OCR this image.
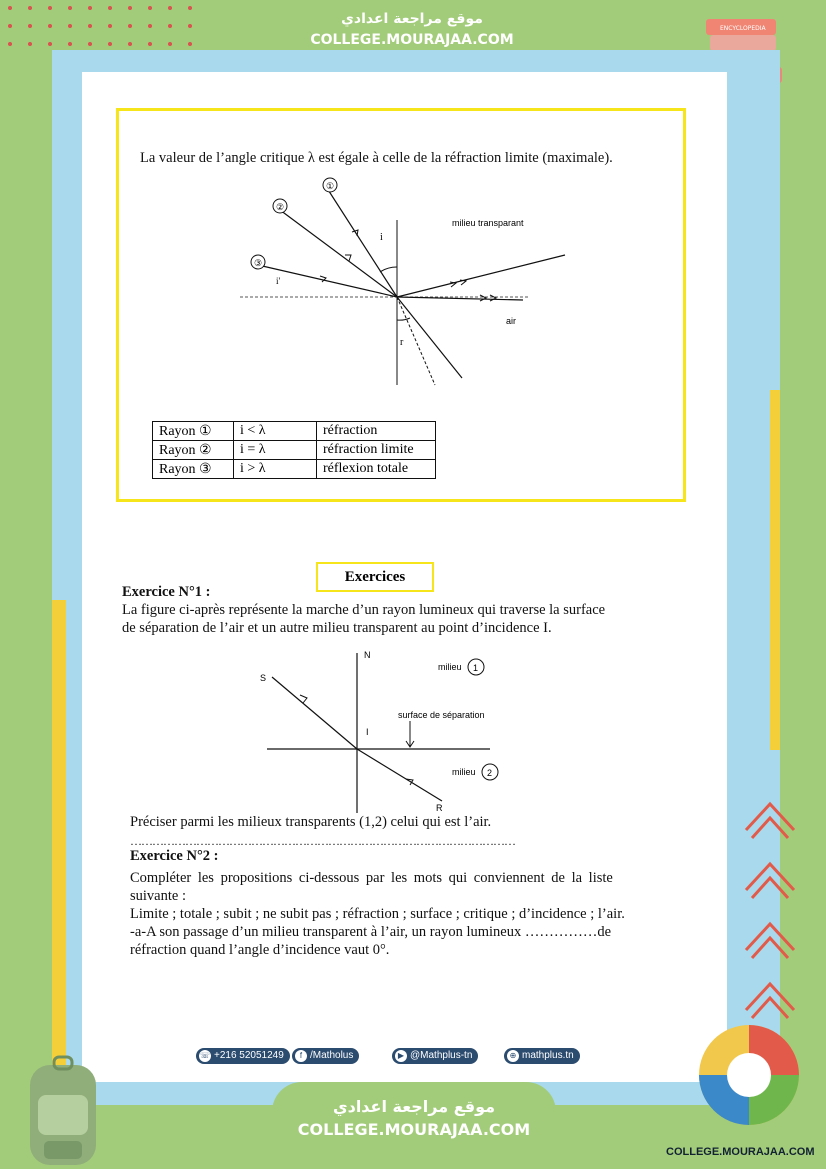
موقع مراجعة اعدادي
COLLEGE.MOURAJAA.COM
ENCYCLOPEDIA
La valeur de l’angle critique λ est égale à celle de la réfraction limite (maximale).
①
②
③
i
i'
r
milieu transparant
air
Rayon ①	i < λ	réfraction
Rayon ②	i = λ	réfraction limite
Rayon ③	i > λ	réflexion totale
Exercices
Exercice N°1 :
La figure ci-après représente la marche d’un rayon lumineux qui traverse la surface
de séparation de l’air et un autre milieu transparent au point d’incidence I.
N
S
I
R
milieu 1
milieu 2
surface de séparation
Préciser parmi les milieux transparents (1,2) celui qui est l’air.
……………………………………………………………………………………………
Exercice N°2 :
Compléter les propositions ci-dessous par les mots qui conviennent de la liste
suivante :
Limite ; totale ; subit ; ne subit pas ; réfraction ; surface ; critique ; d’incidence ; l’air.
-a-A son passage d’un milieu transparent à l’air, un rayon lumineux ……………de
réfraction quand l’angle d’incidence vaut 0°.
☏ +216 52051249	f /Matholus	▶ @Mathplus-tn	⊕ mathplus.tn
موقع مراجعة اعدادي
COLLEGE.MOURAJAA.COM
COLLEGE.MOURAJAA.COM
